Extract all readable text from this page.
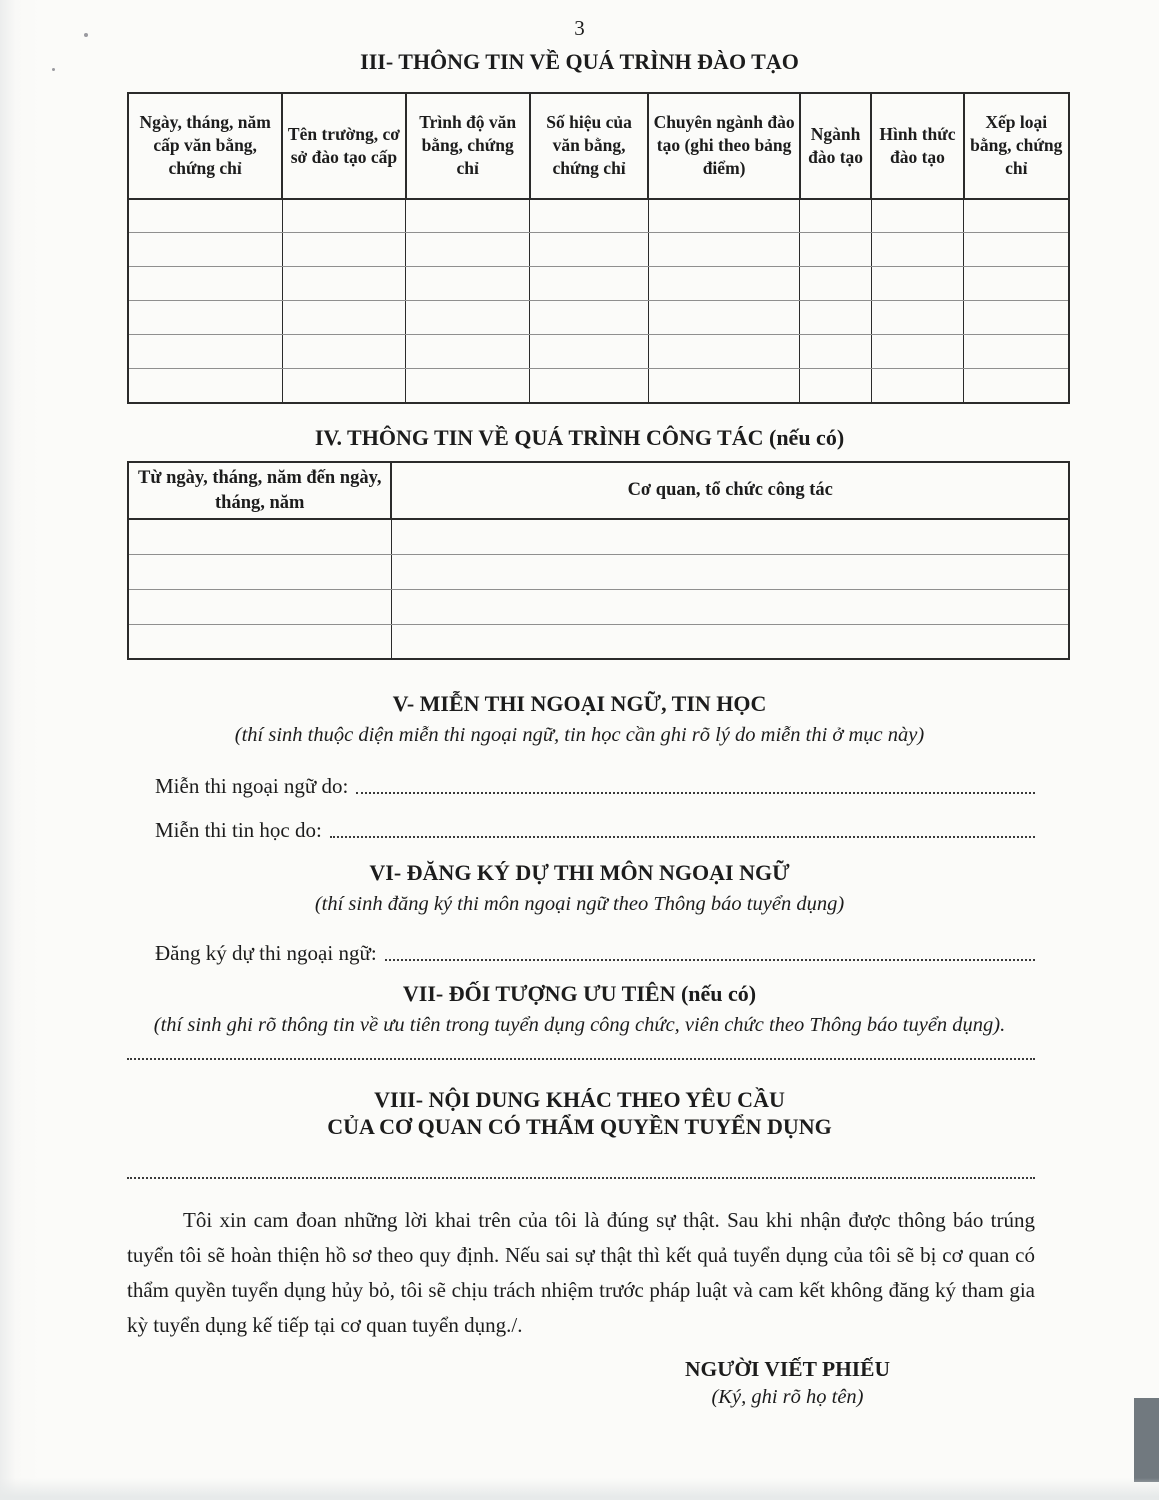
3

III- THÔNG TIN VỀ QUÁ TRÌNH ĐÀO TẠO
Ngày, tháng, năm cấp văn bằng, chứng chỉ	Tên trường, cơ sở đào tạo cấp	Trình độ văn bằng, chứng chỉ	Số hiệu của văn bằng, chứng chỉ	Chuyên ngành đào tạo (ghi theo bảng điểm)	Ngành đào tạo	Hình thức đào tạo	Xếp loại bằng, chứng chỉ

IV. THÔNG TIN VỀ QUÁ TRÌNH CÔNG TÁC (nếu có)
Từ ngày, tháng, năm đến ngày, tháng, năm	Cơ quan, tổ chức công tác

V- MIỄN THI NGOẠI NGỮ, TIN HỌC

(thí sinh thuộc diện miễn thi ngoại ngữ, tin học cần ghi rõ lý do miễn thi ở mục này)

Miễn thi ngoại ngữ do:
Miễn thi tin học do:
VI- ĐĂNG KÝ DỰ THI MÔN NGOẠI NGỮ

(thí sinh đăng ký thi môn ngoại ngữ theo Thông báo tuyển dụng)

Đăng ký dự thi ngoại ngữ:
VII- ĐỐI TƯỢNG ƯU TIÊN (nếu có)

(thí sinh ghi rõ thông tin về ưu tiên trong tuyển dụng công chức, viên chức theo Thông báo tuyển dụng).

VIII- NỘI DUNG KHÁC THEO YÊU CẦU
CỦA CƠ QUAN CÓ THẨM QUYỀN TUYỂN DỤNG

Tôi xin cam đoan những lời khai trên của tôi là đúng sự thật. Sau khi nhận được thông báo trúng tuyển tôi sẽ hoàn thiện hồ sơ theo quy định. Nếu sai sự thật thì kết quả tuyển dụng của tôi sẽ bị cơ quan có thẩm quyền tuyển dụng hủy bỏ, tôi sẽ chịu trách nhiệm trước pháp luật và cam kết không đăng ký tham gia kỳ tuyển dụng kế tiếp tại cơ quan tuyển dụng./.

NGƯỜI VIẾT PHIẾU

(Ký, ghi rõ họ tên)
